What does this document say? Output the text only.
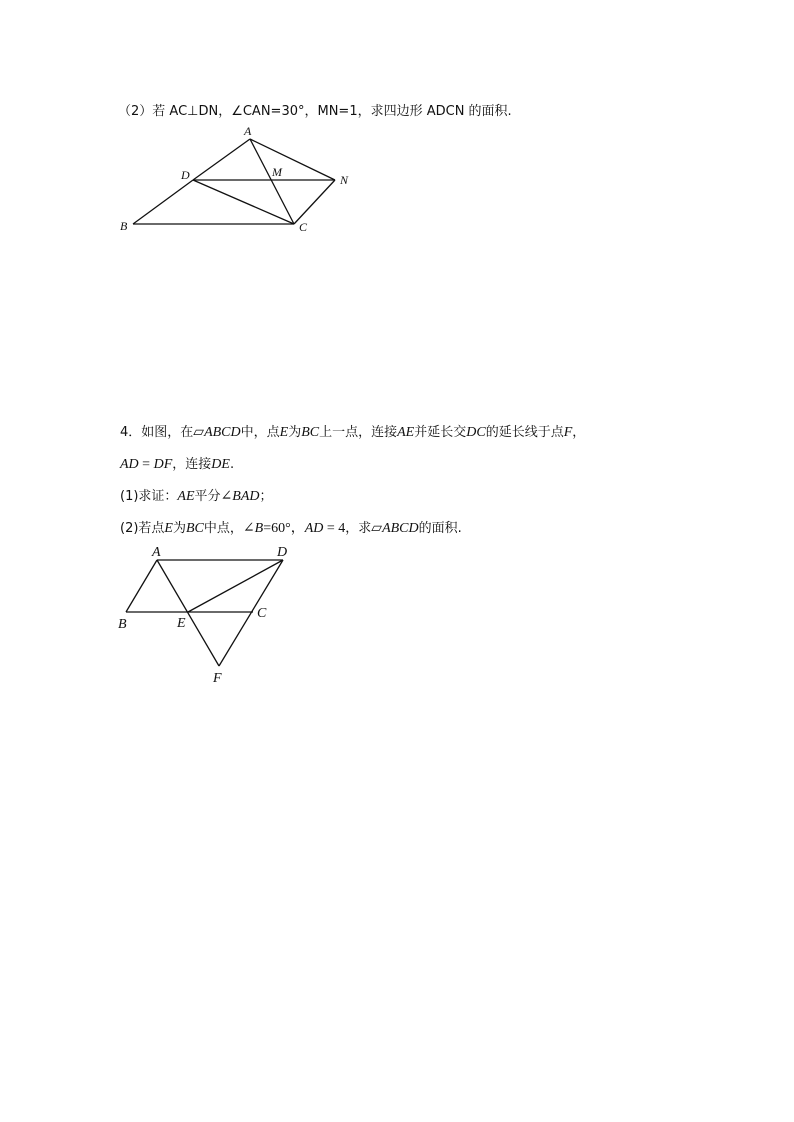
（2）若 AC⊥DN，∠CAN=30°，MN=1，求四边形 ADCN 的面积.
4．如图，在▱ABCD中，点E为BC上一点，连接AE并延长交DC的延长线于点F，
AD = DF，连接DE.
(1)求证：AE平分∠BAD；
(2)若点E为BC中点，∠B=60°，AD = 4，求▱ABCD的面积.
A
D	M
N
B	C
A	D
B	E
C
F
